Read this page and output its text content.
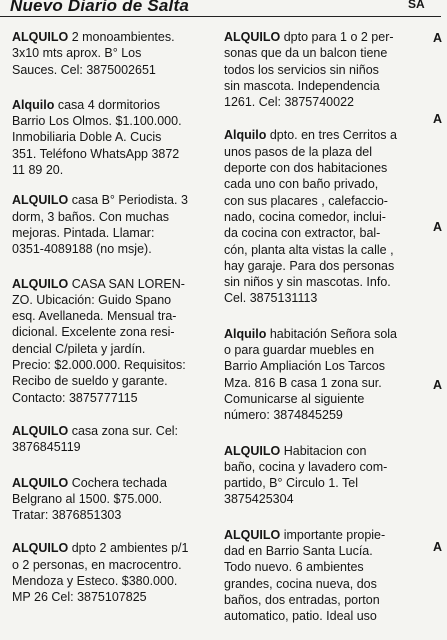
Nuevo Diario de Salta	SA

ALQUILO 2 monoambientes.
3x10 mts aprox. B° Los
Sauces. Cel: 3875002651

Alquilo casa 4 dormitorios
Barrio Los Olmos. $1.100.000.
Inmobiliaria Doble A. Cucis
351. Teléfono WhatsApp 3872
11 89 20.

ALQUILO casa B° Periodista. 3
dorm, 3 baños. Con muchas
mejoras. Pintada. Llamar:
0351-4089188 (no msje).

ALQUILO CASA SAN LOREN-
ZO. Ubicación: Guido Spano
esq. Avellaneda. Mensual tra-
dicional. Excelente zona resi-
dencial C/pileta y jardín.
Precio: $2.000.000. Requisitos:
Recibo de sueldo y garante.
Contacto: 3875777115

ALQUILO casa zona sur. Cel:
3876845119

ALQUILO Cochera techada
Belgrano al 1500. $75.000.
Tratar: 3876851303

ALQUILO dpto 2 ambientes p/1
o 2 personas, en macrocentro.
Mendoza y Esteco. $380.000.
MP 26 Cel: 3875107825

ALQUILO dpto para 1 o 2 per-
sonas que da un balcon tiene
todos los servicios sin niños
sin mascota. Independencia
1261. Cel: 3875740022

Alquilo dpto. en tres Cerritos a
unos pasos de la plaza del
deporte con dos habitaciones
cada uno con baño privado,
con sus placares , calefaccio-
nado, cocina comedor, inclui-
da cocina con extractor, bal-
cón, planta alta vistas la calle ,
hay garaje. Para dos personas
sin niños y sin mascotas. Info.
Cel. 3875131113

Alquilo habitación Señora sola
o para guardar muebles en
Barrio Ampliación Los Tarcos
Mza. 816 B casa 1 zona sur.
Comunicarse al siguiente
número: 3874845259

ALQUILO Habitacion con
baño, cocina y lavadero com-
partido, B° Circulo 1. Tel
3875425304

ALQUILO importante propie-
dad en Barrio Santa Lucía.
Todo nuevo. 6 ambientes
grandes, cocina nueva, dos
baños, dos entradas, porton
automatico, patio. Ideal uso

A
A
A
A
A
